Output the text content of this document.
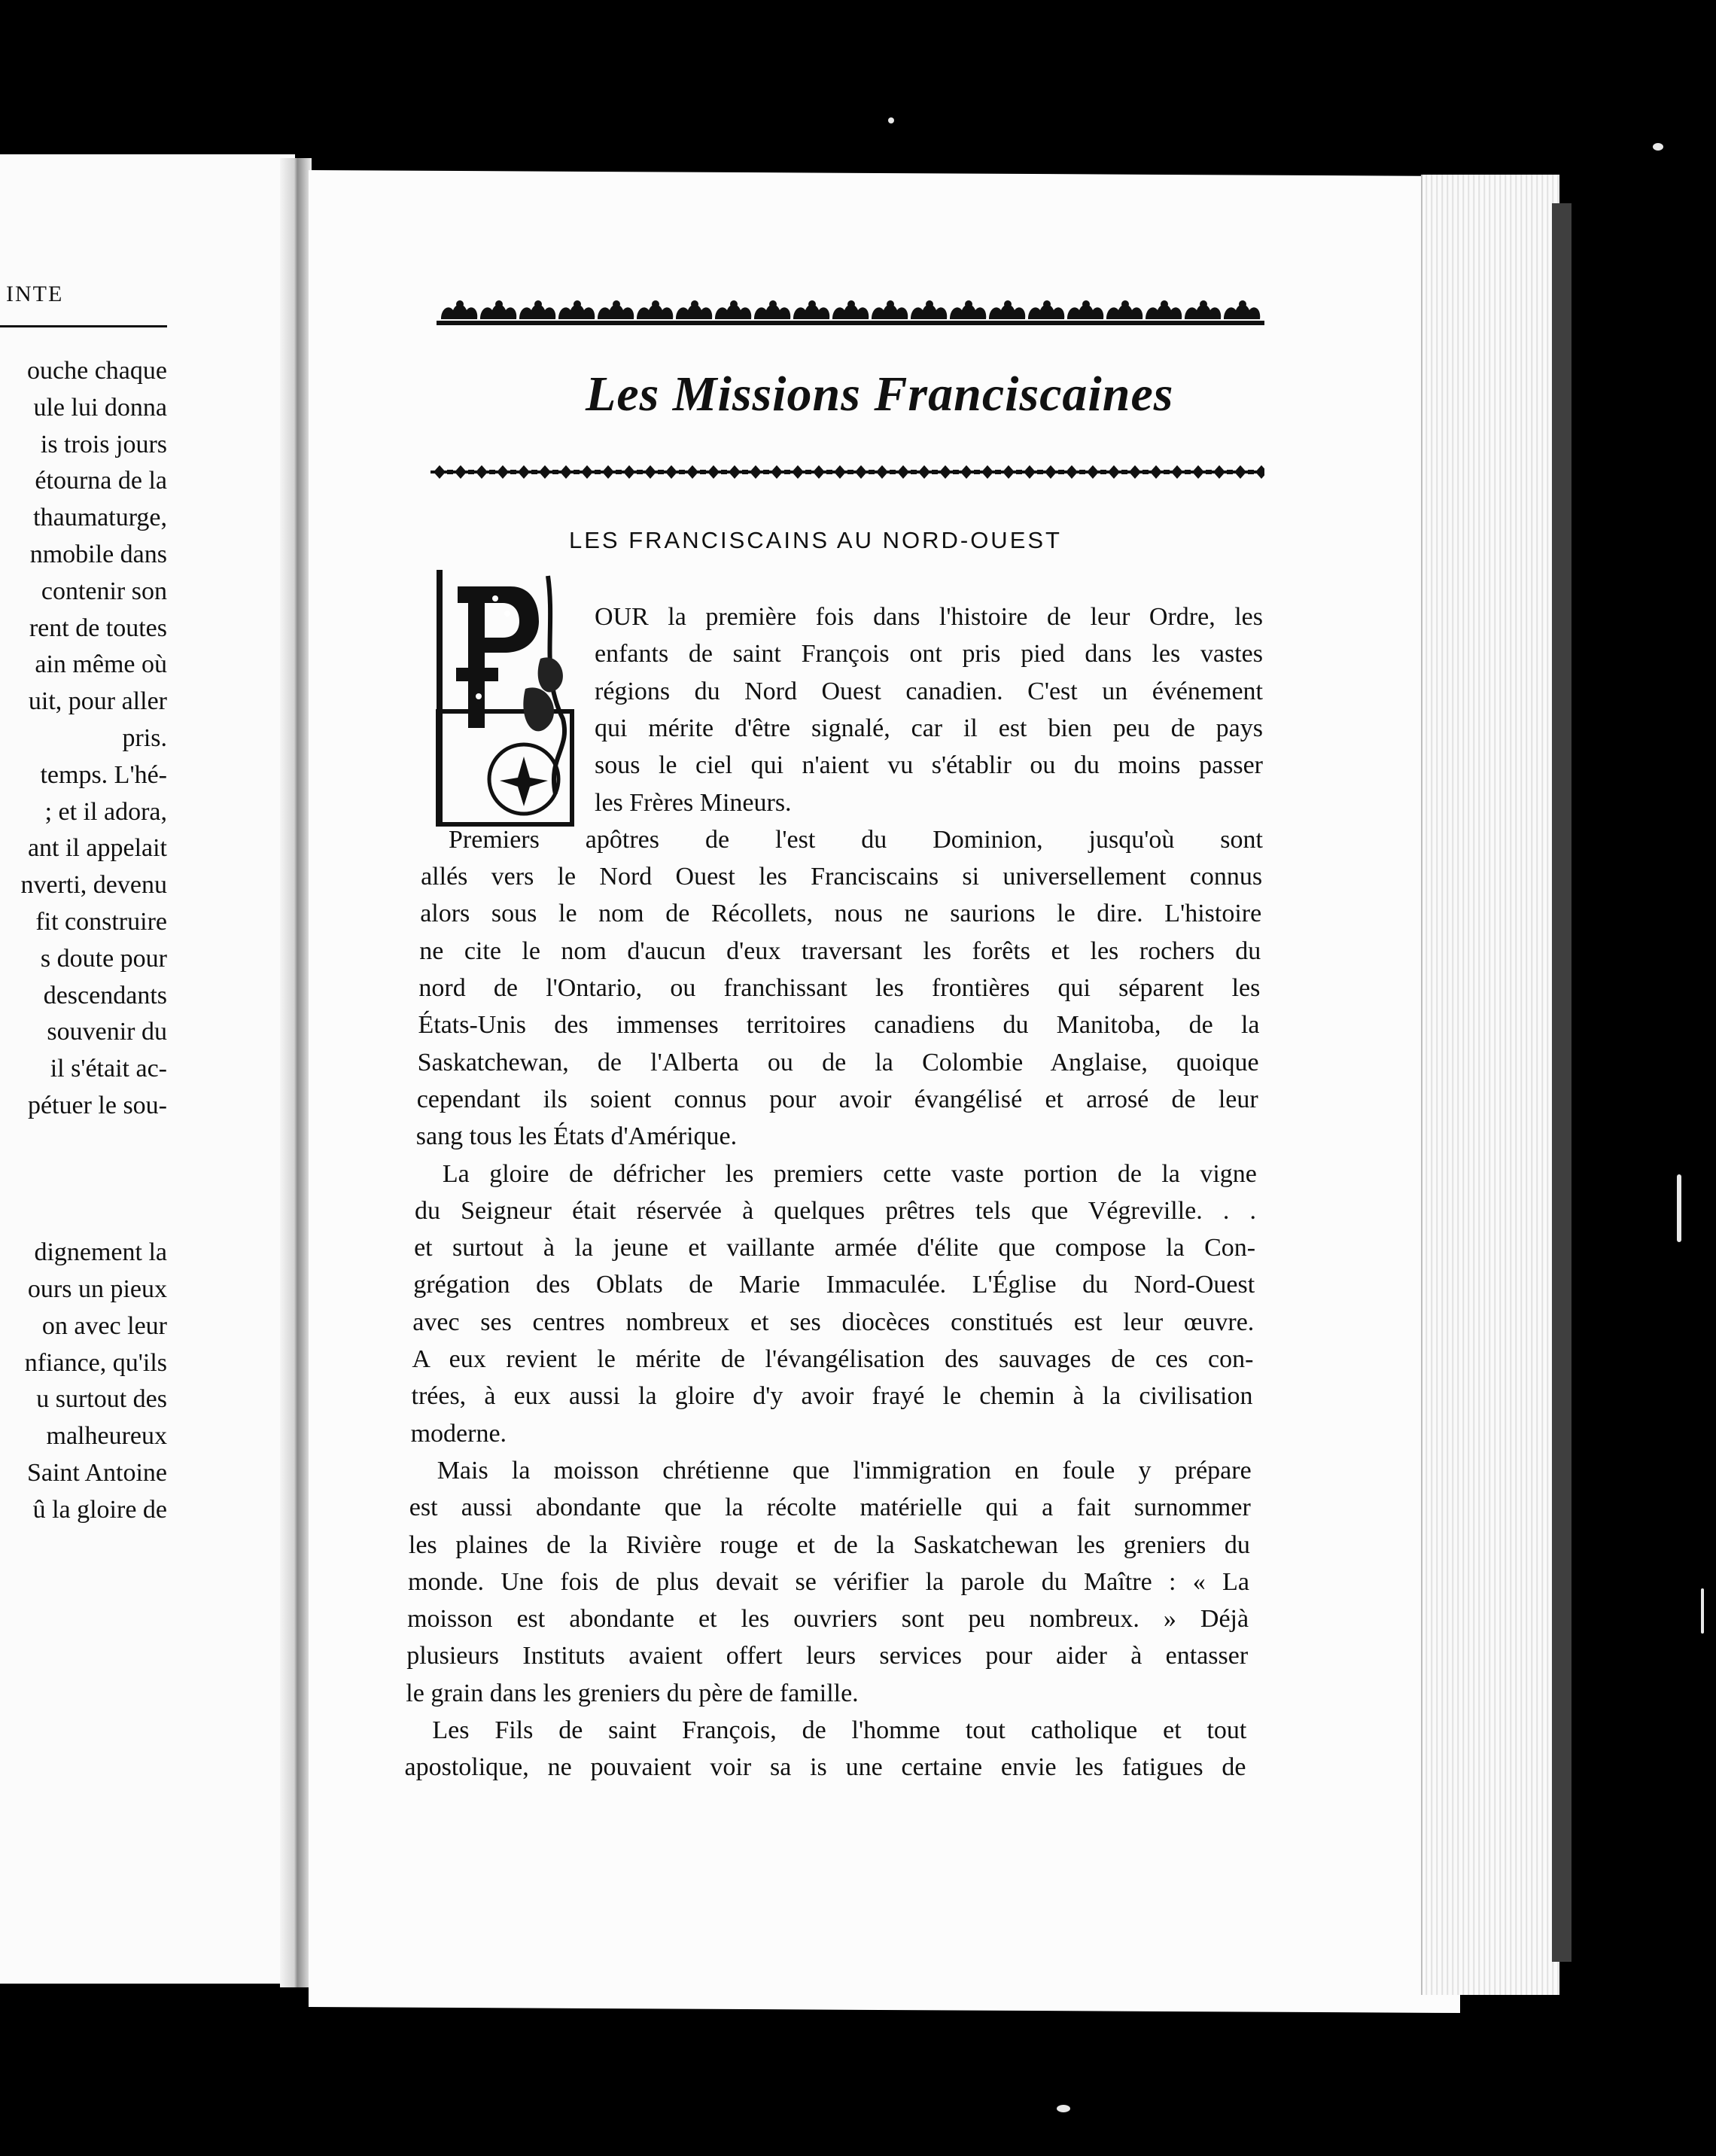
INTE
ouche chaque
ule lui donna
is trois jours
étourna de la
thaumaturge,
nmobile dans
contenir son
rent de toutes
ain même où
uit, pour aller
pris.
temps. L'hé-
; et il adora,
ant il appelait
nverti, devenu
fit construire
s doute pour
descendants
souvenir du
il s'était ac-
pétuer le sou-
dignement la
ours un pieux
on avec leur
nfiance, qu'ils
u surtout des
malheureux
Saint Antoine
û la gloire de
Les Missions Franciscaines
LES FRANCISCAINS AU NORD-OUEST
OUR la première fois dans l'histoire de leur Ordre, les
enfants de saint François ont pris pied dans les vastes
régions du Nord Ouest canadien. C'est un événement
qui mérite d'être signalé, car il est bien peu de pays
sous le ciel qui n'aient vu s'établir ou du moins passer
les Frères Mineurs.
Premiers apôtres de l'est du Dominion, jusqu'où sont
allés vers le Nord Ouest les Franciscains si universellement connus
alors sous le nom de Récollets, nous ne saurions le dire. L'histoire
ne cite le nom d'aucun d'eux traversant les forêts et les rochers du
nord de l'Ontario, ou franchissant les frontières qui séparent les
États-Unis des immenses territoires canadiens du Manitoba, de la
Saskatchewan, de l'Alberta ou de la Colombie Anglaise, quoique
cependant ils soient connus pour avoir évangélisé et arrosé de leur
sang tous les États d'Amérique.
La gloire de défricher les premiers cette vaste portion de la vigne
du Seigneur était réservée à quelques prêtres tels que Végreville. . .
et surtout à la jeune et vaillante armée d'élite que compose la Con-
grégation des Oblats de Marie Immaculée. L'Église du Nord-Ouest
avec ses centres nombreux et ses diocèces constitués est leur œuvre.
A eux revient le mérite de l'évangélisation des sauvages de ces con-
trées, à eux aussi la gloire d'y avoir frayé le chemin à la civilisation
moderne.
Mais la moisson chrétienne que l'immigration en foule y prépare
est aussi abondante que la récolte matérielle qui a fait surnommer
les plaines de la Rivière rouge et de la Saskatchewan les greniers du
monde. Une fois de plus devait se vérifier la parole du Maître : « La
moisson est abondante et les ouvriers sont peu nombreux. » Déjà
plusieurs Instituts avaient offert leurs services pour aider à entasser
le grain dans les greniers du père de famille.
Les Fils de saint François, de l'homme tout catholique et tout
apostolique, ne pouvaient voir sa is une certaine envie les fatigues de
